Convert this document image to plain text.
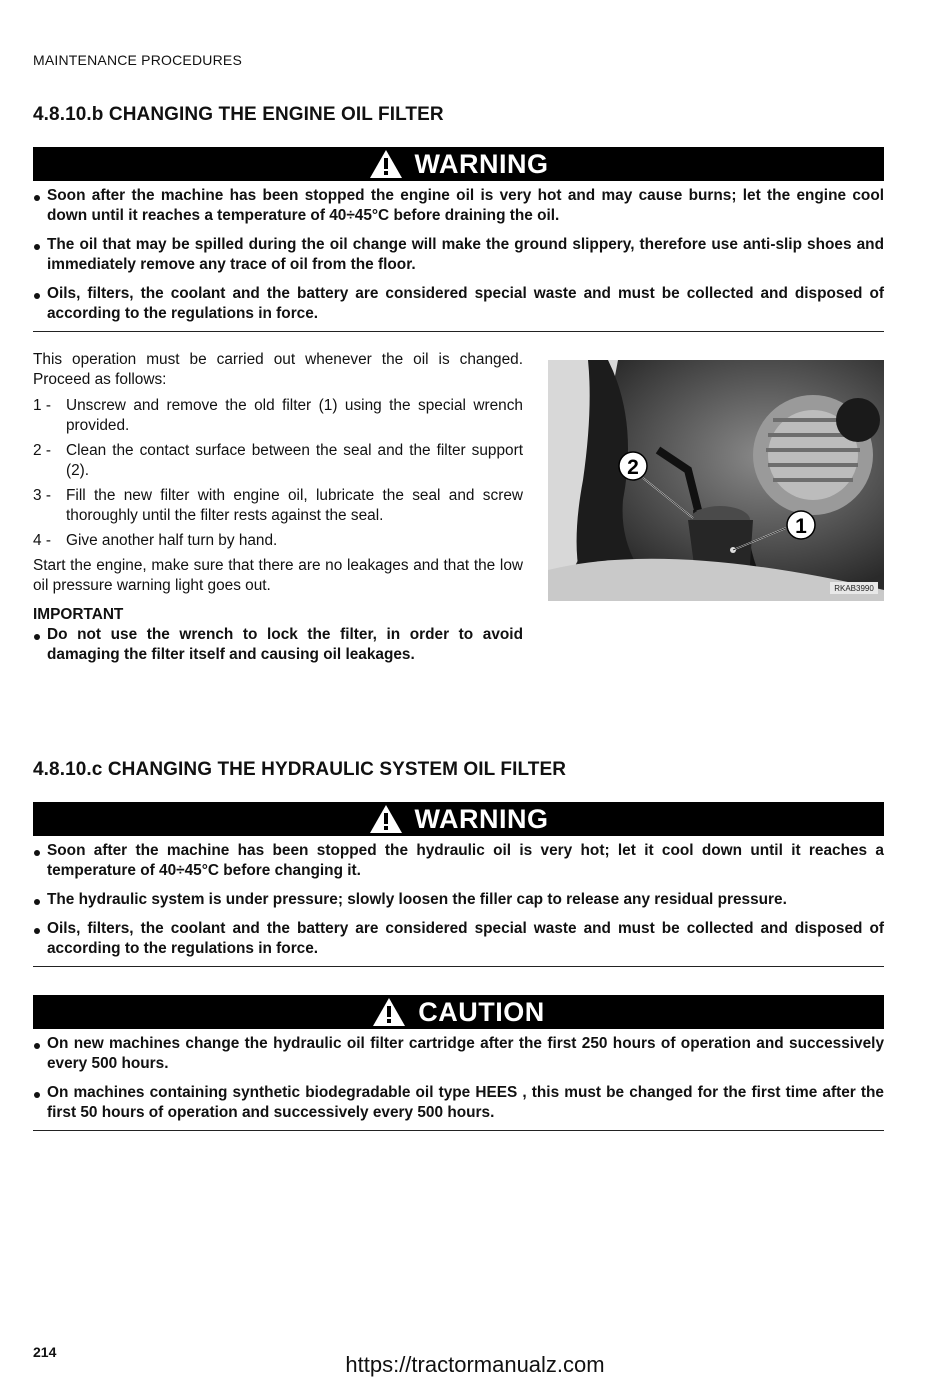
MAINTENANCE PROCEDURES
4.8.10.b CHANGING THE ENGINE OIL FILTER
WARNING
Soon after the machine has been stopped the engine oil is very hot and may cause burns; let the engine cool down until it reaches a temperature of 40÷45°C before draining the oil.
The oil that may be spilled during the oil change will make the ground slippery, therefore use anti-slip shoes and immediately remove any trace of oil from the floor.
Oils, filters, the coolant and the battery are considered special waste and must be collected and disposed of according to the regulations in force.

This operation must be carried out whenever the oil is changed. Proceed as follows:

1 - Unscrew and remove the old filter (1) using the special wrench provided.
2 - Clean the contact surface between the seal and the filter support (2).
3 - Fill the new filter with engine oil, lubricate the seal and screw thoroughly until the filter rests against the seal.
4 - Give another half turn by hand.

Start the engine, make sure that there are no leakages and that the low oil pressure warning light goes out.

IMPORTANT
Do not use the wrench to lock the filter, in order to avoid damaging the filter itself and causing oil leakages.
2
1
RKAB3990
4.8.10.c CHANGING THE HYDRAULIC SYSTEM OIL FILTER
WARNING
Soon after the machine has been stopped the hydraulic oil is very hot; let it cool down until it reaches a temperature of 40÷45°C before changing it.
The hydraulic system is under pressure; slowly loosen the filler cap to release any residual pressure.
Oils, filters, the coolant and the battery are considered special waste and must be collected and disposed of according to the regulations in force.
CAUTION
On new machines change the hydraulic oil filter cartridge after the first 250 hours of operation and successively every 500 hours.
On machines containing synthetic biodegradable oil type HEES , this must be changed for the first time after the first 50 hours of operation and successively every 500 hours.
214	https://tractormanualz.com
